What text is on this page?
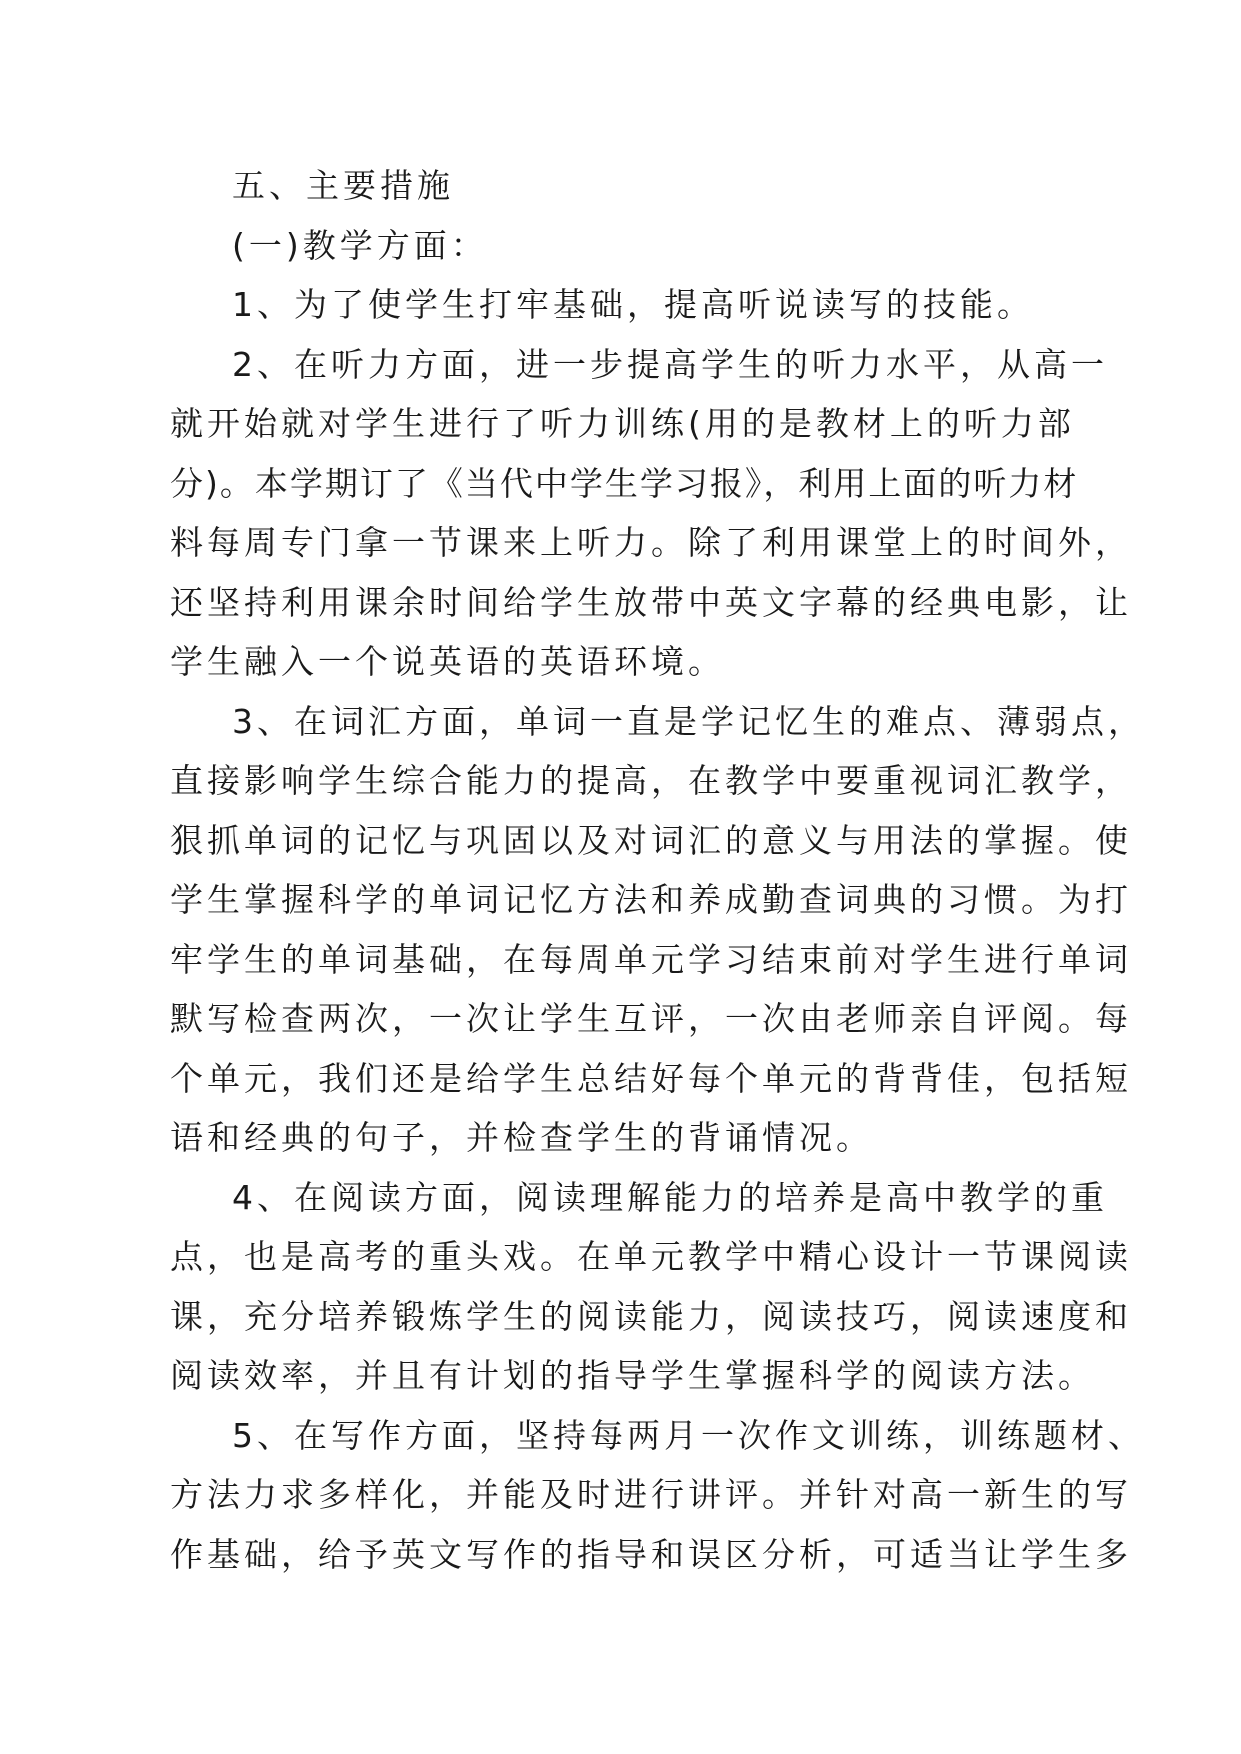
五、主要措施
(一)教学方面：
1、为了使学生打牢基础，提高听说读写的技能。
2、在听力方面，进一步提高学生的听力水平，从高一
就开始就对学生进行了听力训练(用的是教材上的听力部
分)。本学期订了《当代中学生学习报》，利用上面的听力材
料每周专门拿一节课来上听力。除了利用课堂上的时间外，
还坚持利用课余时间给学生放带中英文字幕的经典电影，让
学生融入一个说英语的英语环境。
3、在词汇方面，单词一直是学记忆生的难点、薄弱点，
直接影响学生综合能力的提高，在教学中要重视词汇教学，
狠抓单词的记忆与巩固以及对词汇的意义与用法的掌握。使
学生掌握科学的单词记忆方法和养成勤查词典的习惯。为打
牢学生的单词基础，在每周单元学习结束前对学生进行单词
默写检查两次，一次让学生互评，一次由老师亲自评阅。每
个单元，我们还是给学生总结好每个单元的背背佳，包括短
语和经典的句子，并检查学生的背诵情况。
4、在阅读方面，阅读理解能力的培养是高中教学的重
点，也是高考的重头戏。在单元教学中精心设计一节课阅读
课，充分培养锻炼学生的阅读能力，阅读技巧，阅读速度和
阅读效率，并且有计划的指导学生掌握科学的阅读方法。
5、在写作方面，坚持每两月一次作文训练，训练题材、
方法力求多样化，并能及时进行讲评。并针对高一新生的写
作基础，给予英文写作的指导和误区分析，可适当让学生多
